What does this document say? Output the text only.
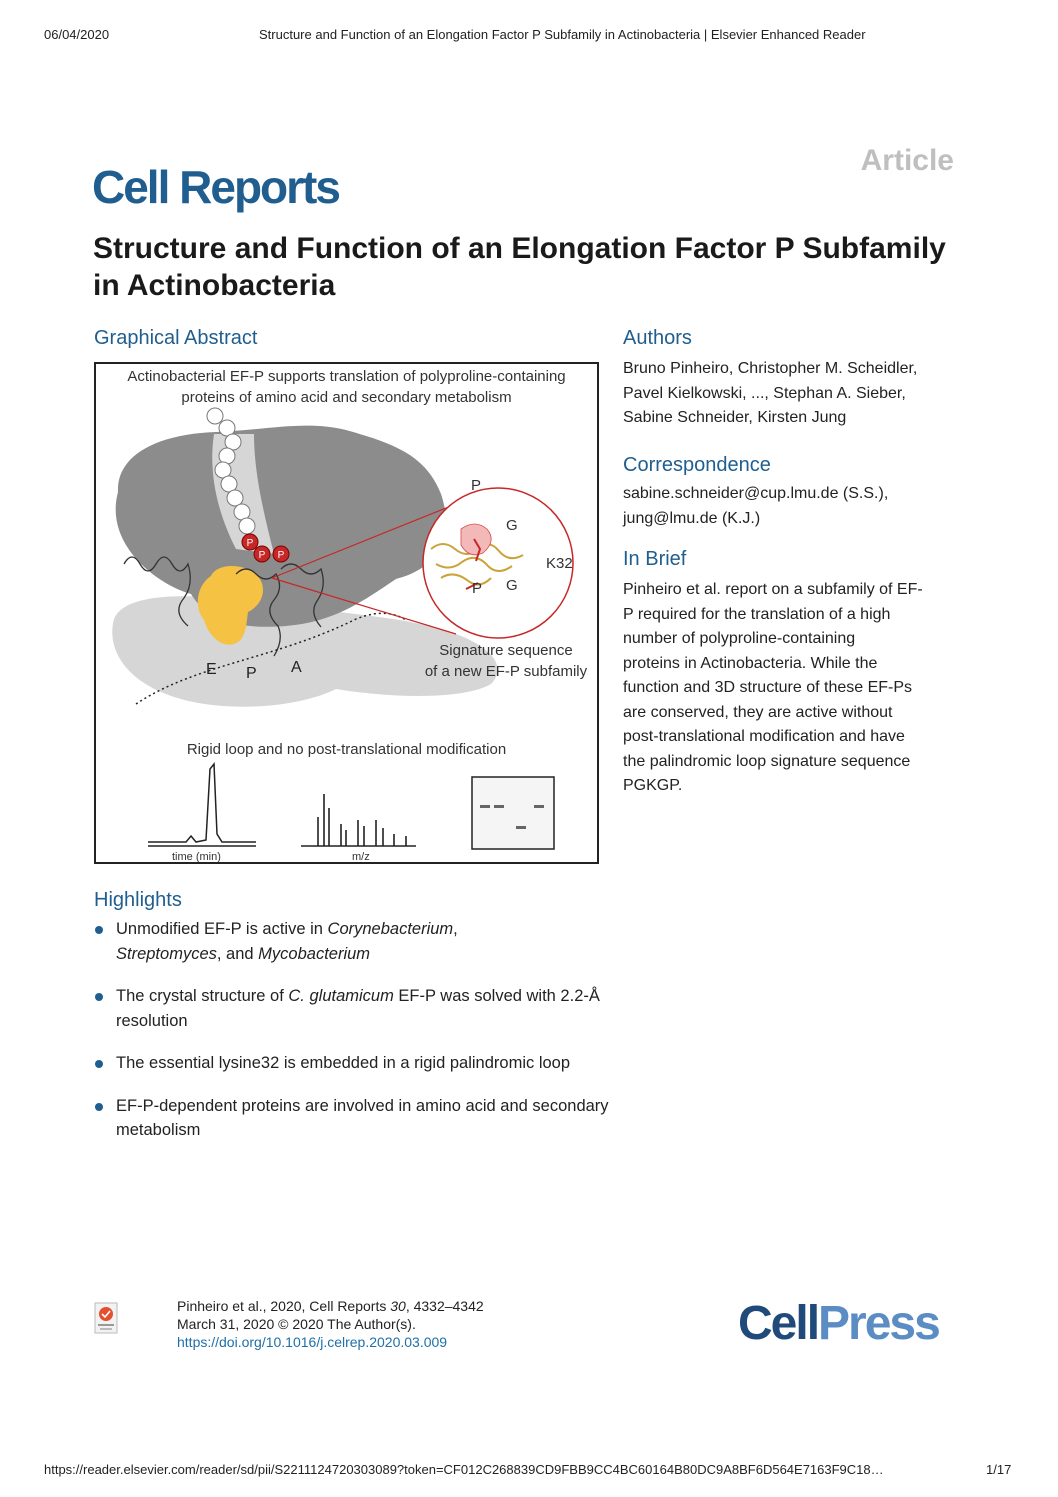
06/04/2020	Structure and Function of an Elongation Factor P Subfamily in Actinobacteria | Elsevier Enhanced Reader
Cell Reports
Article
Structure and Function of an Elongation Factor P Subfamily in Actinobacteria
Graphical Abstract
Actinobacterial EF-P supports translation of polyproline-containing
proteins of amino acid and secondary metabolism
P
P P
E P A
P
G
K32
P G
Signature sequence
of a new EF-P subfamily
Rigid loop and no post-translational modification
time (min)	m/z
Authors
Bruno Pinheiro, Christopher M. Scheidler,
Pavel Kielkowski, ..., Stephan A. Sieber,
Sabine Schneider, Kirsten Jung
Correspondence
sabine.schneider@cup.lmu.de (S.S.),
jung@lmu.de (K.J.)
In Brief
Pinheiro et al. report on a subfamily of EF-
P required for the translation of a high
number of polyproline-containing
proteins in Actinobacteria. While the
function and 3D structure of these EF-Ps
are conserved, they are active without
post-translational modification and have
the palindromic loop signature sequence
PGKGP.
Highlights
Unmodified EF-P is active in Corynebacterium,
Streptomyces, and Mycobacterium
The crystal structure of C. glutamicum EF-P was solved with 2.2-Å resolution
The essential lysine32 is embedded in a rigid palindromic loop
EF-P-dependent proteins are involved in amino acid and secondary metabolism
Pinheiro et al., 2020, Cell Reports 30, 4332–4342
March 31, 2020 © 2020 The Author(s).
https://doi.org/10.1016/j.celrep.2020.03.009	CellPress
https://reader.elsevier.com/reader/sd/pii/S2211124720303089?token=CF012C268839CD9FBB9CC4BC60164B80DC9A8BF6D564E7163F9C18…	1/17
